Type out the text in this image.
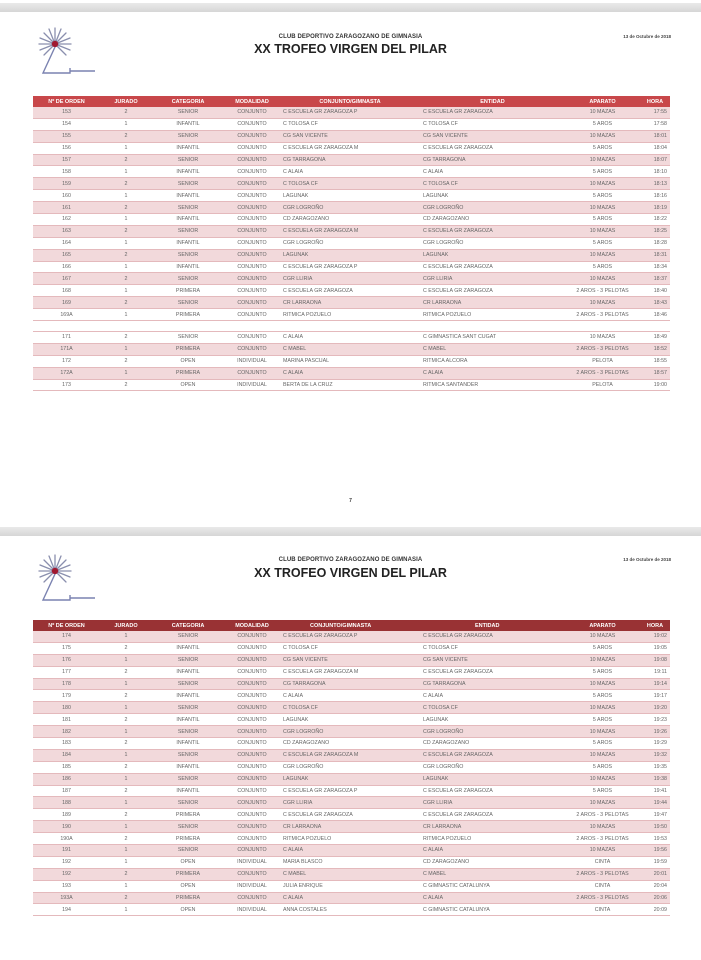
CLUB DEPORTIVO ZARAGOZANO DE GIMNASIA
XX TROFEO VIRGEN DEL PILAR
13 de Octubre de 2018
Nº DE ORDEN	JURADO	CATEGORIA	MODALIDAD	CONJUNTO/GIMNASTA	ENTIDAD	APARATO	HORA
153	2	SENIOR	CONJUNTO	C ESCUELA GR ZARAGOZA P	C ESCUELA GR ZARAGOZA	10 MAZAS	17:55
154	1	INFANTIL	CONJUNTO	C TOLOSA CF	C TOLOSA CF	5 AROS	17:58
155	2	SENIOR	CONJUNTO	CG SAN VICENTE	CG SAN VICENTE	10 MAZAS	18:01
156	1	INFANTIL	CONJUNTO	C ESCUELA GR ZARAGOZA M	C ESCUELA GR ZARAGOZA	5 AROS	18:04
157	2	SENIOR	CONJUNTO	CG TARRAGONA	CG TARRAGONA	10 MAZAS	18:07
158	1	INFANTIL	CONJUNTO	C ALAIA	C ALAIA	5 AROS	18:10
159	2	SENIOR	CONJUNTO	C TOLOSA CF	C TOLOSA CF	10 MAZAS	18:13
160	1	INFANTIL	CONJUNTO	LAGUNAK	LAGUNAK	5 AROS	18:16
161	2	SENIOR	CONJUNTO	CGR LOGROÑO	CGR LOGROÑO	10 MAZAS	18:19
162	1	INFANTIL	CONJUNTO	CD ZARAGOZANO	CD ZARAGOZANO	5 AROS	18:22
163	2	SENIOR	CONJUNTO	C ESCUELA GR ZARAGOZA M	C ESCUELA GR ZARAGOZA	10 MAZAS	18:25
164	1	INFANTIL	CONJUNTO	CGR LOGROÑO	CGR LOGROÑO	5 AROS	18:28
165	2	SENIOR	CONJUNTO	LAGUNAK	LAGUNAK	10 MAZAS	18:31
166	1	INFANTIL	CONJUNTO	C ESCUELA GR ZARAGOZA P	C ESCUELA GR ZARAGOZA	5 AROS	18:34
167	2	SENIOR	CONJUNTO	CGR LLIRIA	CGR LLIRIA	10 MAZAS	18:37
168	1	PRIMERA	CONJUNTO	C ESCUELA GR ZARAGOZA	C ESCUELA GR ZARAGOZA	2 AROS - 3 PELOTAS	18:40
169	2	SENIOR	CONJUNTO	CR LARRAONA	CR LARRAONA	10 MAZAS	18:43
169A	1	PRIMERA	CONJUNTO	RITMICA POZUELO	RITMICA POZUELO	2 AROS - 3 PELOTAS	18:46

171	2	SENIOR	CONJUNTO	C ALAIA	C GIMNASTICA SANT CUGAT	10 MAZAS	18:49
171A	1	PRIMERA	CONJUNTO	C MABEL	C MABEL	2 AROS - 3 PELOTAS	18:52
172	2	OPEN	INDIVIDUAL	MARINA PASCUAL	RITMICA ALCORA	PELOTA	18:55
172A	1	PRIMERA	CONJUNTO	C ALAIA	C ALAIA	2 AROS - 3 PELOTAS	18:57
173	2	OPEN	INDIVIDUAL	BERTA DE LA CRUZ	RITMICA SANTANDER	PELOTA	19:00
7
CLUB DEPORTIVO ZARAGOZANO DE GIMNASIA
XX TROFEO VIRGEN DEL PILAR
13 de Octubre de 2018
Nº DE ORDEN	JURADO	CATEGORIA	MODALIDAD	CONJUNTO/GIMNASTA	ENTIDAD	APARATO	HORA
174	1	SENIOR	CONJUNTO	C ESCUELA GR ZARAGOZA P	C ESCUELA GR ZARAGOZA	10 MAZAS	19:02
175	2	INFANTIL	CONJUNTO	C TOLOSA CF	C TOLOSA CF	5 AROS	19:05
176	1	SENIOR	CONJUNTO	CG SAN VICENTE	CG SAN VICENTE	10 MAZAS	19:08
177	2	INFANTIL	CONJUNTO	C ESCUELA GR ZARAGOZA M	C ESCUELA GR ZARAGOZA	5 AROS	19:11
178	1	SENIOR	CONJUNTO	CG TARRAGONA	CG TARRAGONA	10 MAZAS	19:14
179	2	INFANTIL	CONJUNTO	C ALAIA	C ALAIA	5 AROS	19:17
180	1	SENIOR	CONJUNTO	C TOLOSA CF	C TOLOSA CF	10 MAZAS	19:20
181	2	INFANTIL	CONJUNTO	LAGUNAK	LAGUNAK	5 AROS	19:23
182	1	SENIOR	CONJUNTO	CGR LOGROÑO	CGR LOGROÑO	10 MAZAS	19:26
183	2	INFANTIL	CONJUNTO	CD ZARAGOZANO	CD ZARAGOZANO	5 AROS	19:29
184	1	SENIOR	CONJUNTO	C ESCUELA GR ZARAGOZA M	C ESCUELA GR ZARAGOZA	10 MAZAS	19:32
185	2	INFANTIL	CONJUNTO	CGR LOGROÑO	CGR LOGROÑO	5 AROS	19:35
186	1	SENIOR	CONJUNTO	LAGUNAK	LAGUNAK	10 MAZAS	19:38
187	2	INFANTIL	CONJUNTO	C ESCUELA GR ZARAGOZA P	C ESCUELA GR ZARAGOZA	5 AROS	19:41
188	1	SENIOR	CONJUNTO	CGR LLIRIA	CGR LLIRIA	10 MAZAS	19:44
189	2	PRIMERA	CONJUNTO	C ESCUELA GR ZARAGOZA	C ESCUELA GR ZARAGOZA	2 AROS - 3 PELOTAS	19:47
190	1	SENIOR	CONJUNTO	CR LARRAONA	CR LARRAONA	10 MAZAS	19:50
190A	2	PRIMERA	CONJUNTO	RITMICA POZUELO	RITMICA POZUELO	2 AROS - 3 PELOTAS	19:53
191	1	SENIOR	CONJUNTO	C ALAIA	C ALAIA	10 MAZAS	19:56
192	1	OPEN	INDIVIDUAL	MARIA BLASCO	CD ZARAGOZANO	CINTA	19:59
192	2	PRIMERA	CONJUNTO	C MABEL	C MABEL	2 AROS - 3 PELOTAS	20:01
193	1	OPEN	INDIVIDUAL	JULIA ENRIQUE	C GIMNASTIC CATALUNYA	CINTA	20:04
193A	2	PRIMERA	CONJUNTO	C ALAIA	C ALAIA	2 AROS - 3 PELOTAS	20:06
194	1	OPEN	INDIVIDUAL	ANNA COSTALES	C GIMNASTIC CATALUNYA	CINTA	20:09
